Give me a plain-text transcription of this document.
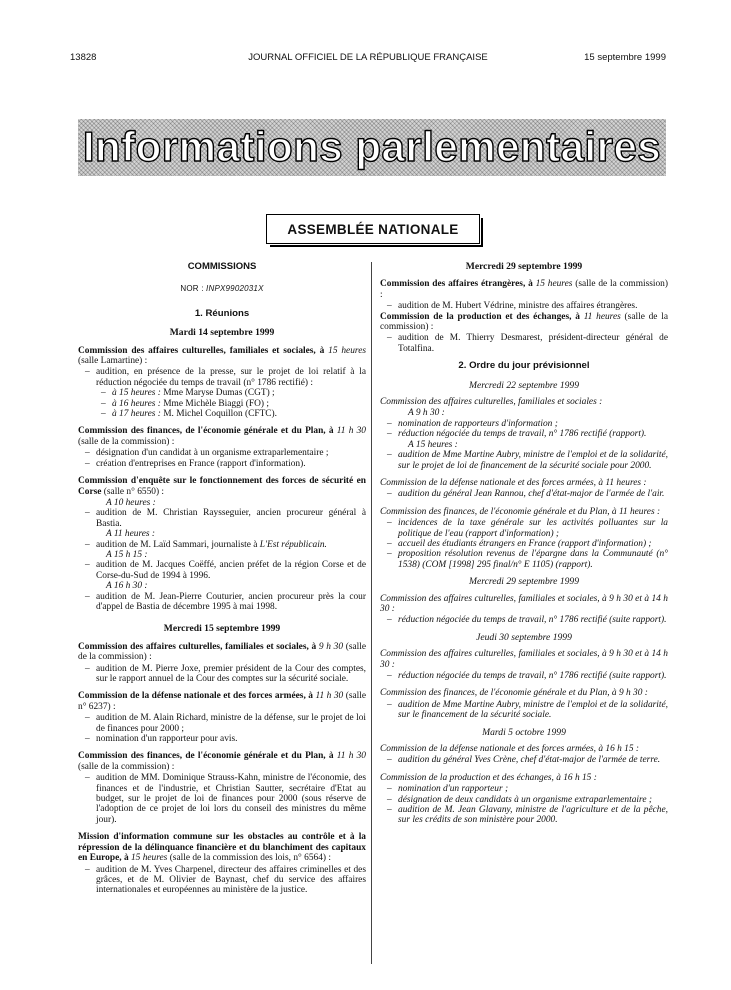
13828	JOURNAL OFFICIEL DE LA RÉPUBLIQUE FRANÇAISE	15 septembre 1999
Informations parlementaires
ASSEMBLÉE NATIONALE
COMMISSIONS
NOR : INPX9902031X
1. Réunions
Mardi 14 septembre 1999

Commission des affaires culturelles, familiales et sociales, à 15 heures (salle Lamartine) :

– audition, en présence de la presse, sur le projet de loi relatif à la réduction négociée du temps de travail (n° 1786 rectifié) :

– à 15 heures : Mme Maryse Dumas (CGT) ;

– à 16 heures : Mme Michèle Biaggi (FO) ;

– à 17 heures : M. Michel Coquillon (CFTC).

Commission des finances, de l'économie générale et du Plan, à 11 h 30 (salle de la commission) :

– désignation d'un candidat à un organisme extraparlementaire ;

– création d'entreprises en France (rapport d'information).

Commission d'enquête sur le fonctionnement des forces de sécurité en Corse (salle n° 6550) :

A 10 heures :

– audition de M. Christian Raysseguier, ancien procureur général à Bastia.

A 11 heures :

– audition de M. Laïd Sammari, journaliste à L'Est républicain.

A 15 h 15 :

– audition de M. Jacques Coëffé, ancien préfet de la région Corse et de Corse-du-Sud de 1994 à 1996.

A 16 h 30 :

– audition de M. Jean-Pierre Couturier, ancien procureur près la cour d'appel de Bastia de décembre 1995 à mai 1998.

Mercredi 15 septembre 1999

Commission des affaires culturelles, familiales et sociales, à 9 h 30 (salle de la commission) :

– audition de M. Pierre Joxe, premier président de la Cour des comptes, sur le rapport annuel de la Cour des comptes sur la sécurité sociale.

Commission de la défense nationale et des forces armées, à 11 h 30 (salle n° 6237) :

– audition de M. Alain Richard, ministre de la défense, sur le projet de loi de finances pour 2000 ;

– nomination d'un rapporteur pour avis.

Commission des finances, de l'économie générale et du Plan, à 11 h 30 (salle de la commission) :

– audition de MM. Dominique Strauss-Kahn, ministre de l'économie, des finances et de l'industrie, et Christian Sautter, secrétaire d'Etat au budget, sur le projet de loi de finances pour 2000 (sous réserve de l'adoption de ce projet de loi lors du conseil des ministres du même jour).

Mission d'information commune sur les obstacles au contrôle et à la répression de la délinquance financière et du blanchiment des capitaux en Europe, à 15 heures (salle de la commission des lois, n° 6564) :

– audition de M. Yves Charpenel, directeur des affaires criminelles et des grâces, et de M. Olivier de Baynast, chef du service des affaires internationales et européennes au ministère de la justice.

Mercredi 29 septembre 1999

Commission des affaires étrangères, à 15 heures (salle de la commission) :

– audition de M. Hubert Védrine, ministre des affaires étrangères.

Commission de la production et des échanges, à 11 heures (salle de la commission) :

– audition de M. Thierry Desmarest, président-directeur général de Totalfina.

2. Ordre du jour prévisionnel
Mercredi 22 septembre 1999

Commission des affaires culturelles, familiales et sociales :

A 9 h 30 :

– nomination de rapporteurs d'information ;

– réduction négociée du temps de travail, n° 1786 rectifié (rapport).

A 15 heures :

– audition de Mme Martine Aubry, ministre de l'emploi et de la solidarité, sur le projet de loi de financement de la sécurité sociale pour 2000.

Commission de la défense nationale et des forces armées, à 11 heures :

– audition du général Jean Rannou, chef d'état-major de l'armée de l'air.

Commission des finances, de l'économie générale et du Plan, à 11 heures :

– incidences de la taxe générale sur les activités polluantes sur la politique de l'eau (rapport d'information) ;

– accueil des étudiants étrangers en France (rapport d'information) ;

– proposition résolution revenus de l'épargne dans la Communauté (n° 1538) (COM [1998] 295 final/n° E 1105) (rapport).

Mercredi 29 septembre 1999

Commission des affaires culturelles, familiales et sociales, à 9 h 30 et à 14 h 30 :

– réduction négociée du temps de travail, n° 1786 rectifié (suite rapport).

Jeudi 30 septembre 1999

Commission des affaires culturelles, familiales et sociales, à 9 h 30 et à 14 h 30 :

– réduction négociée du temps de travail, n° 1786 rectifié (suite rapport).

Commission des finances, de l'économie générale et du Plan, à 9 h 30 :

– audition de Mme Martine Aubry, ministre de l'emploi et de la solidarité, sur le financement de la sécurité sociale.

Mardi 5 octobre 1999

Commission de la défense nationale et des forces armées, à 16 h 15 :

– audition du général Yves Crène, chef d'état-major de l'armée de terre.

Commission de la production et des échanges, à 16 h 15 :

– nomination d'un rapporteur ;

– désignation de deux candidats à un organisme extraparlementaire ;

– audition de M. Jean Glavany, ministre de l'agriculture et de la pêche, sur les crédits de son ministère pour 2000.
